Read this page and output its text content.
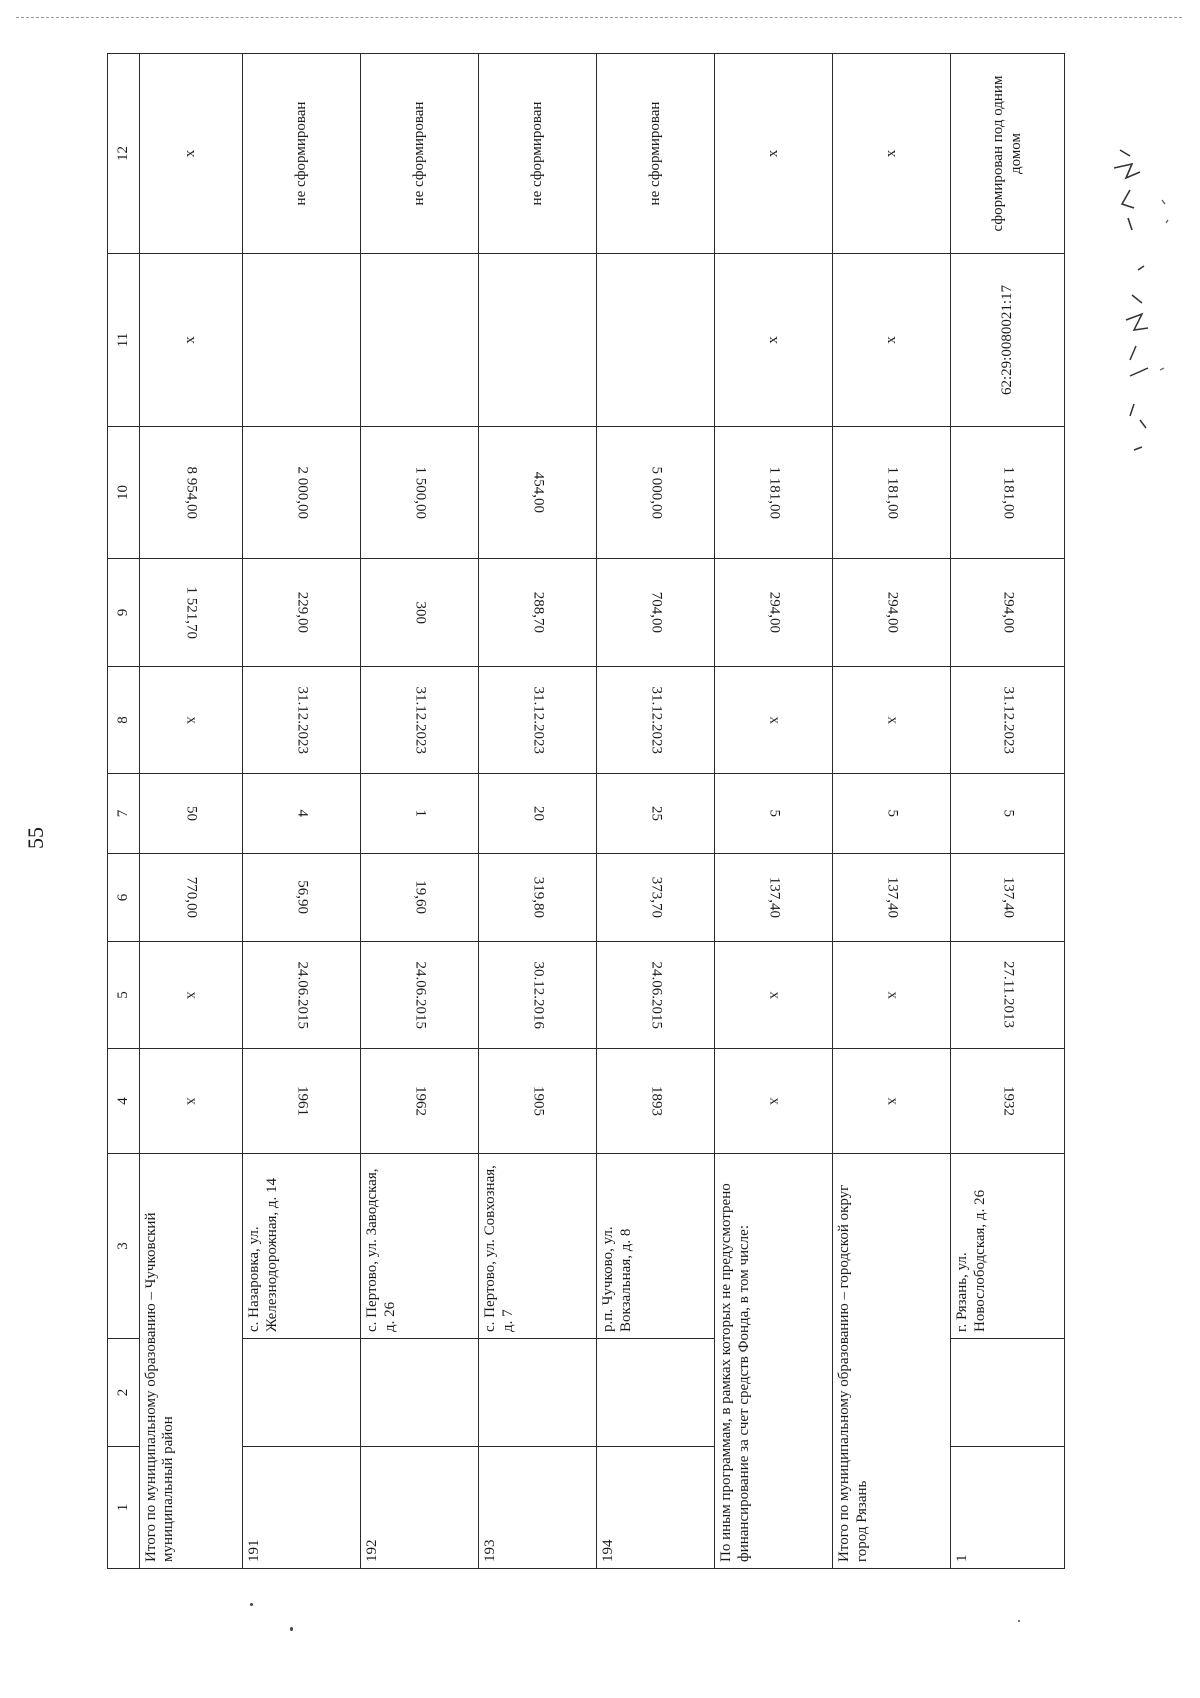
55
1	2	3	4	5	6	7	8	9	10	11	12
Итого по муниципальному образованию – Чучковский муниципальный район			x	x	770,00	50	x	1 521,70	8 954,00	x	x
191		с. Назаровка, ул. Железнодорожная, д. 14	1961	24.06.2015	56,90	4	31.12.2023	229,00	2 000,00		не сформирован
192		с. Пертово, ул. Заводская, д. 26	1962	24.06.2015	19,60	1	31.12.2023	300	1 500,00		не сформирован
193		с. Пертово, ул. Совхозная, д. 7	1905	30.12.2016	319,80	20	31.12.2023	288,70	454,00		не сформирован
194		р.п. Чучково, ул. Вокзальная, д. 8	1893	24.06.2015	373,70	25	31.12.2023	704,00	5 000,00		не сформирован
По иным программам, в рамках которых не предусмотрено финансирование за счет средств Фонда, в том числе:			x	x	137,40	5	x	294,00	1 181,00	x	x
Итого по муниципальному образованию – городской округ город Рязань			x	x	137,40	5	x	294,00	1 181,00	x	x
1		г. Рязань, ул. Новослободская, д. 26	1932	27.11.2013	137,40	5	31.12.2023	294,00	1 181,00	62:29:0080021:17	сформирован под одним домом
